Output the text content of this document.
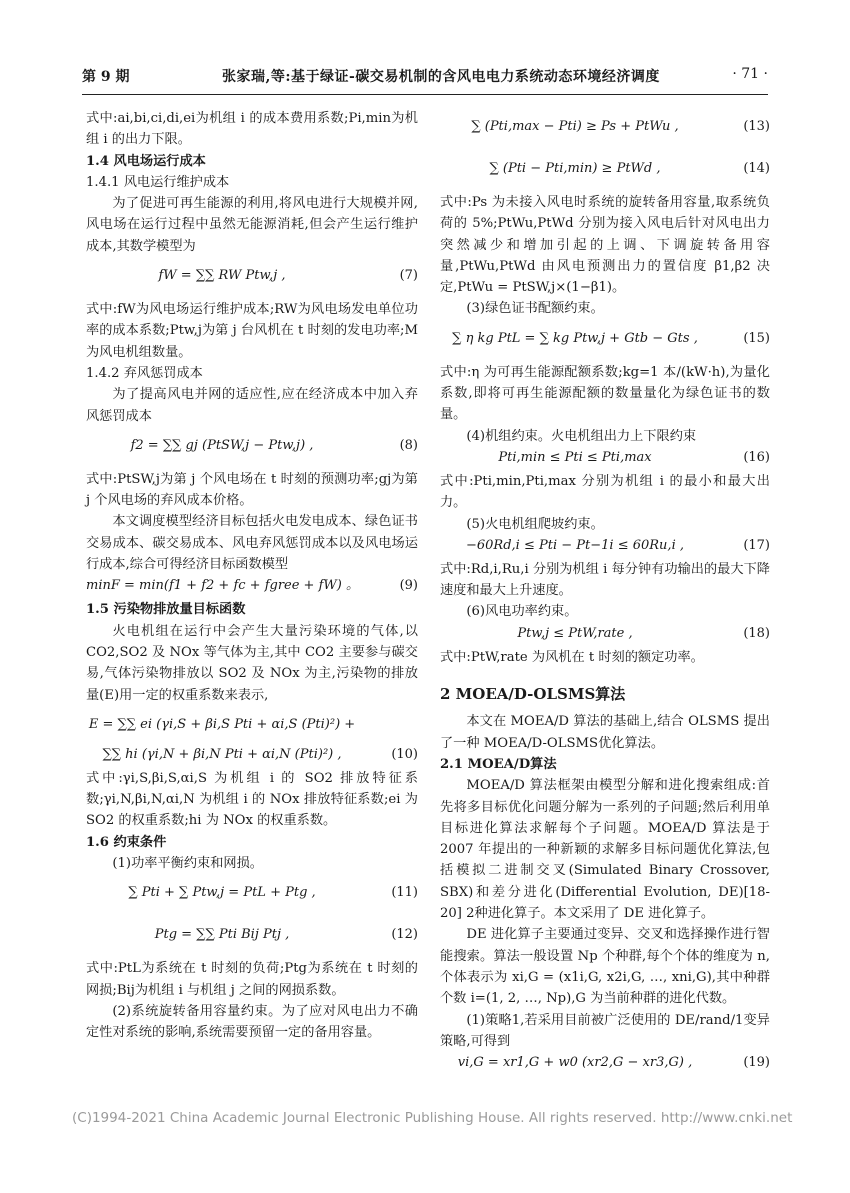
第 9 期	张家瑞,等:基于绿证-碳交易机制的含风电电力系统动态环境经济调度	· 71 ·

式中:ai,bi,ci,di,ei为机组 i 的成本费用系数;Pi,min为机组 i 的出力下限。

1.4 风电场运行成本

1.4.1 风电运行维护成本

为了促进可再生能源的利用,将风电进行大规模并网,风电场在运行过程中虽然无能源消耗,但会产生运行维护成本,其数学模型为

fW = ∑∑ RW Ptw,j ,	(7)

式中:fW为风电场运行维护成本;RW为风电场发电单位功率的成本系数;Ptw,j为第 j 台风机在 t 时刻的发电功率;M 为风电机组数量。

1.4.2 弃风惩罚成本

为了提高风电并网的适应性,应在经济成本中加入弃风惩罚成本

f2 = ∑∑ gj (PtSW,j − Ptw,j) ,	(8)

式中:PtSW,j为第 j 个风电场在 t 时刻的预测功率;gj为第 j 个风电场的弃风成本价格。

本文调度模型经济目标包括火电发电成本、绿色证书交易成本、碳交易成本、风电弃风惩罚成本以及风电场运行成本,综合可得经济目标函数模型

minF = min(f1 + f2 + fc + fgree + fW) 。	(9)

1.5 污染物排放量目标函数

火电机组在运行中会产生大量污染环境的气体,以 CO2,SO2 及 NOx 等气体为主,其中 CO2 主要参与碳交易,气体污染物排放以 SO2 及 NOx 为主,污染物的排放量(E)用一定的权重系数来表示,

E = ∑∑ ei (γi,S + βi,S Pti + αi,S (Pti)²) +
∑∑ hi (γi,N + βi,N Pti + αi,N (Pti)²) ,	(10)

式中:γi,S,βi,S,αi,S 为机组 i 的 SO2 排放特征系数;γi,N,βi,N,αi,N 为机组 i 的 NOx 排放特征系数;ei 为 SO2 的权重系数;hi 为 NOx 的权重系数。

1.6 约束条件

(1)功率平衡约束和网损。

∑ Pti + ∑ Ptw,j = PtL + Ptg ,	(11)
Ptg = ∑∑ Pti Bij Ptj ,	(12)

式中:PtL为系统在 t 时刻的负荷;Ptg为系统在 t 时刻的网损;Bij为机组 i 与机组 j 之间的网损系数。

(2)系统旋转备用容量约束。为了应对风电出力不确定性对系统的影响,系统需要预留一定的备用容量。

∑ (Pti,max − Pti) ≥ Ps + PtWu ,	(13)
∑ (Pti − Pti,min) ≥ PtWd ,	(14)

式中:Ps 为未接入风电时系统的旋转备用容量,取系统负荷的 5%;PtWu,PtWd 分别为接入风电后针对风电出力突然减少和增加引起的上调、下调旋转备用容量,PtWu,PtWd 由风电预测出力的置信度 β1,β2 决定,PtWu = PtSW,j×(1−β1)。

(3)绿色证书配额约束。

∑ η kg PtL = ∑ kg Ptw,j + Gtb − Gts ,	(15)

式中:η 为可再生能源配额系数;kg=1 本/(kW·h),为量化系数,即将可再生能源配额的数量量化为绿色证书的数量。

(4)机组约束。火电机组出力上下限约束

Pti,min ≤ Pti ≤ Pti,max	(16)

式中:Pti,min,Pti,max 分别为机组 i 的最小和最大出力。

(5)火电机组爬坡约束。

−60Rd,i ≤ Pti − Pt−1i ≤ 60Ru,i ,	(17)

式中:Rd,i,Ru,i 分别为机组 i 每分钟有功输出的最大下降速度和最大上升速度。

(6)风电功率约束。

Ptw,j ≤ PtW,rate ,	(18)

式中:PtW,rate 为风机在 t 时刻的额定功率。

2 MOEA/D-OLSMS算法

本文在 MOEA/D 算法的基础上,结合 OLSMS 提出了一种 MOEA/D-OLSMS优化算法。

2.1 MOEA/D算法

MOEA/D 算法框架由模型分解和进化搜索组成:首先将多目标优化问题分解为一系列的子问题;然后利用单目标进化算法求解每个子问题。MOEA/D 算法是于 2007 年提出的一种新颖的求解多目标问题优化算法,包括模拟二进制交叉(Simulated Binary Crossover, SBX)和差分进化(Differential Evolution, DE)[18-20] 2种进化算子。本文采用了 DE 进化算子。

DE 进化算子主要通过变异、交叉和选择操作进行智能搜索。算法一般设置 Np 个种群,每个个体的维度为 n,个体表示为 xi,G = (x1i,G, x2i,G, …, xni,G),其中种群个数 i=(1, 2, …, Np),G 为当前种群的进化代数。

(1)策略1,若采用目前被广泛使用的 DE/rand/1变异策略,可得到

vi,G = xr1,G + w0 (xr2,G − xr3,G) ,	(19)
(C)1994-2021 China Academic Journal Electronic Publishing House. All rights reserved. http://www.cnki.net
